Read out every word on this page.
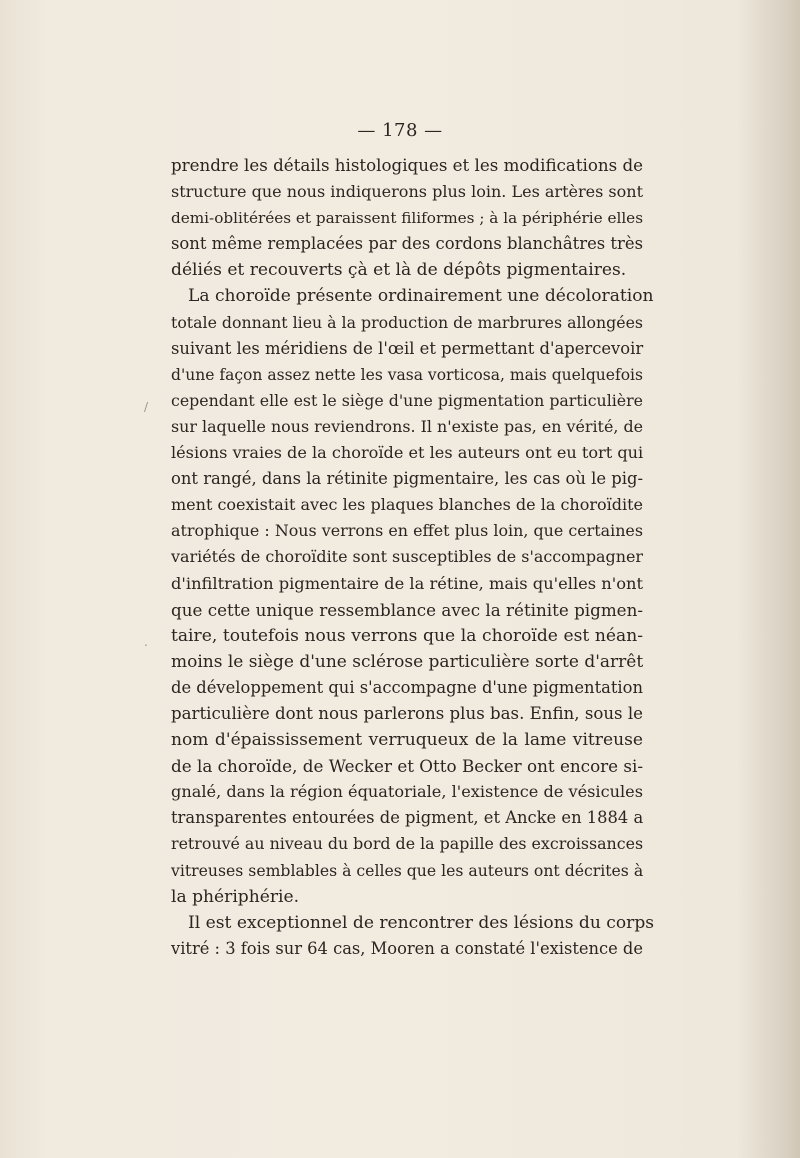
— 178 —
prendre les détails histologiques et les modifications de
structure que nous indiquerons plus loin. Les artères sont
demi-oblitérées et paraissent filiformes ; à la périphérie elles
sont même remplacées par des cordons blanchâtres très
déliés et recouverts çà et là de dépôts pigmentaires.
La choroïde présente ordinairement une décoloration
totale donnant lieu à la production de marbrures allongées
suivant les méridiens de l'œil et permettant d'apercevoir
d'une façon assez nette les vasa vorticosa, mais quelquefois
cependant elle est le siège d'une pigmentation particulière
sur laquelle nous reviendrons. Il n'existe pas, en vérité, de
lésions vraies de la choroïde et les auteurs ont eu tort qui
ont rangé, dans la rétinite pigmentaire, les cas où le pig-
ment coexistait avec les plaques blanches de la choroïdite
atrophique : Nous verrons en effet plus loin, que certaines
variétés de choroïdite sont susceptibles de s'accompagner
d'infiltration pigmentaire de la rétine, mais qu'elles n'ont
que cette unique ressemblance avec la rétinite pigmen-
taire, toutefois nous verrons que la choroïde est néan-
moins le siège d'une sclérose particulière sorte d'arrêt
de développement qui s'accompagne d'une pigmentation
particulière dont nous parlerons plus bas. Enfin, sous le
nom d'épaississement verruqueux de la lame vitreuse
de la choroïde, de Wecker et Otto Becker ont encore si-
gnalé, dans la région équatoriale, l'existence de vésicules
transparentes entourées de pigment, et Ancke en 1884 a
retrouvé au niveau du bord de la papille des excroissances
vitreuses semblables à celles que les auteurs ont décrites à
la phériphérie.
Il est exceptionnel de rencontrer des lésions du corps
vitré : 3 fois sur 64 cas, Mooren a constaté l'existence de
/
.
